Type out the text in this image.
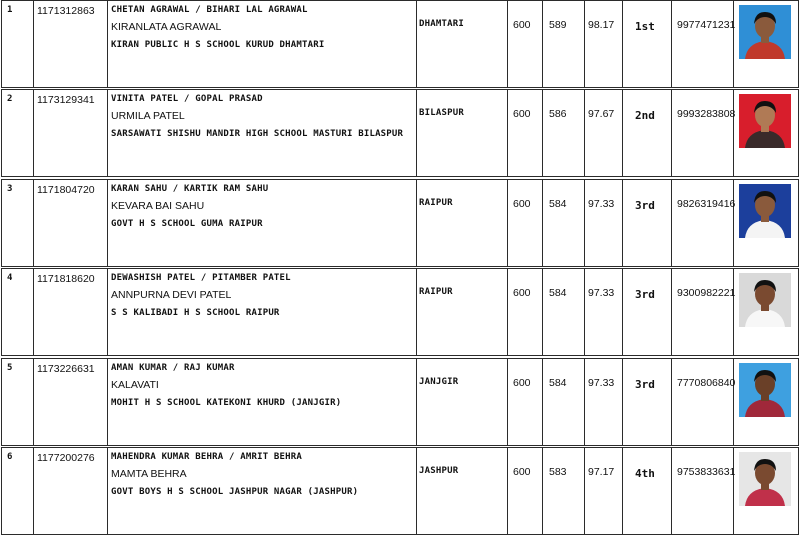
1 1171312863 CHETAN AGRAWAL / BIHARI LAL AGRAWAL
KIRANLATA AGRAWAL
KIRAN PUBLIC H S SCHOOL KURUD DHAMTARI
DHAMTARI	600 589 98.17 1st 9977471231
2 1173129341 VINITA PATEL / GOPAL PRASAD
URMILA PATEL
SARSAWATI SHISHU MANDIR HIGH SCHOOL MASTURI BILASPUR
BILASPUR	600 586 97.67 2nd 9993283808
3 1171804720 KARAN SAHU / KARTIK RAM SAHU
KEVARA BAI SAHU
GOVT H S SCHOOL GUMA RAIPUR
RAIPUR	600 584 97.33 3rd 9826319416
4 1171818620 DEWASHISH PATEL / PITAMBER PATEL
ANNPURNA DEVI PATEL
S S KALIBADI H S SCHOOL RAIPUR
RAIPUR	600 584 97.33 3rd 9300982221
5 1173226631 AMAN KUMAR / RAJ KUMAR
KALAVATI
MOHIT H S SCHOOL KATEKONI KHURD (JANJGIR)
JANJGIR	600 584 97.33 3rd 7770806840
6 1177200276 MAHENDRA KUMAR BEHRA / AMRIT BEHRA
MAMTA BEHRA
GOVT BOYS H S SCHOOL JASHPUR NAGAR (JASHPUR)
JASHPUR	600 583 97.17 4th 9753833631
